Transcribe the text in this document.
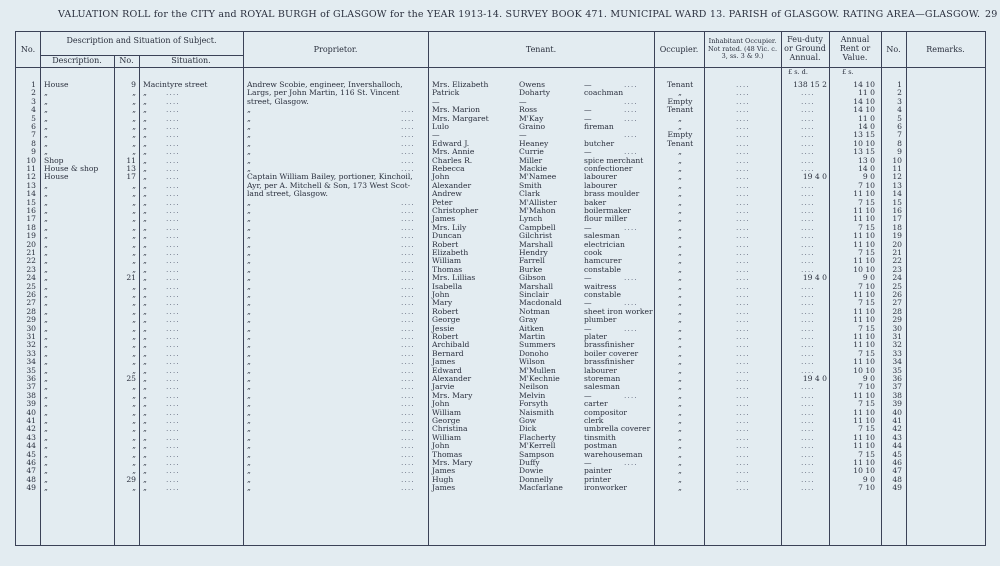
VALUATION ROLL for the CITY and ROYAL BURGH of GLASGOW for the YEAR 1913-14. SURVEY BOOK 471. MUNICIPAL WARD 13. PARISH of GLASGOW. RATING AREA—GLASGOW. 29
No.
Description and Situation of Subject.
Description.	No.	Situation.
Proprietor.	Tenant.	Occupier.
Inhabitant Occupier. Not rated. (48 Vic. c. 3, ss. 3 & 9.)
Feu-duty or Ground Annual.
Annual Rent or Value.
No.	Remarks.
£ s. d.	£ s.
1 House	9 Macintyre street	Andrew Scobie, engineer, Invershalloch,	Mrs. Elizabeth	Owens	—	Tenant	138 15 2	14 10	1
....	....
2 „	„ „	Largs, per John Martin, 116 St. Vincent	Patrick	Doharty	coachman	„	11 0	2
....	....	....
3 „	„ „	street, Glasgow.	—	—	Empty	14 10	3
....	....	....	....
4 „	„ „	„	Mrs. Marion	Ross	—	Tenant	14 10	4
....	....	....	....	....
5 „	„ „	„	Mrs. Margaret	M'Kay	—	„	11 0	5
....	....	....	....	....
6 „	„ „	„	Lulo	Graino	fireman	„	14 0	6
....	....	....	....
7 „	„ „	„	—	—	Empty	13 15	7
....	....	....	....	....
8 „	„ „	„	Edward J.	Heaney	butcher	Tenant	10 10	8
....	....	....	....
9 „	„ „	„	Mrs. Annie	Currie	—	„	13 15	9
....	....	....	....	....
10 Shop	11 „	„	Charles R.	Miller	spice merchant	„	13 0	10
....	....	....	....
11 House & shop	13 „	„	Rebecca	Mackie	confectioner	„	14 0	11
....	....	....	....
12 House	17 „	Captain William Bailey, portioner, Kinchoil,	John	M'Namee	labourer	„	19 4 0	9 0	12
....	....
13 „	„ „	Ayr, per A. Mitchell & Son, 173 West Scot-	Alexander	Smith	labourer	„	7 10	13
....	....	....
14 „	„ „	land street, Glasgow.	Andrew	Clark	brass moulder	„	11 10	14
....	....	....
15 „	„ „	„	Peter	M'Allister	baker	„	7 15	15
....	....	....	....
16 „	„ „	„	Christopher	M'Mahon	boilermaker	„	11 10	16
....	....	....	....
17 „	„ „	„	James	Lynch	flour miller	„	11 10	17
....	....	....	....
18 „	„ „	„	Mrs. Lily	Campbell	—	„	7 15	18
....	....	....	....	....
19 „	„ „	„	Duncan	Gilchrist	salesman	„	11 10	19
....	....	....	....
20 „	„ „	„	Robert	Marshall	electrician	„	11 10	20
....	....	....	....
21 „	„ „	„	Elizabeth	Hendry	cook	„	7 15	21
....	....	....	....
22 „	„ „	„	William	Farrell	hamcurer	„	11 10	22
....	....	....	....
23 „	„ „	„	Thomas	Burke	constable	„	10 10	23
....	....	....	....
24 „	21 „	„	Mrs. Lillias	Gibson	—	„	19 4 0	9 0	24
....	....	....	....
25 „	„ „	„	Isabella	Marshall	waitress	„	7 10	25
....	....	....	....
26 „	„ „	„	John	Sinclair	constable	„	11 10	26
....	....	....	....
27 „	„ „	„	Mary	Macdonald	—	„	7 15	27
....	....	....	....	....
28 „	„ „	„	Robert	Notman	sheet iron worker	„	11 10	28
....	....	....	....
29 „	„ „	„	George	Gray	plumber	„	11 10	29
....	....	....	....
30 „	„ „	„	Jessie	Aitken	—	„	7 15	30
....	....	....	....	....
31 „	„ „	„	Robert	Martin	plater	„	11 10	31
....	....	....	....
32 „	„ „	„	Archibald	Summers	brassfinisher	„	11 10	32
....	....	....	....
33 „	„ „	„	Bernard	Donoho	boiler coverer	„	7 15	33
....	....	....	....
34 „	„ „	„	James	Wilson	brassfinisher	„	11 10	34
....	....	....	....
35 „	„ „	„	Edward	M'Mullen	labourer	„	10 10	35
....	....	....	....
36 „	25 „	„	Alexander	M'Kechnie	storeman	„	19 4 0	9 0	36
....	....	....
37 „	„ „	„	Jarvie	Neilson	salesman	„	7 10	37
....	....	....	....
38 „	„ „	„	Mrs. Mary	Melvin	—	„	11 10	38
....	....	....	....	....
39 „	„ „	„	John	Forsyth	carter	„	7 15	39
....	....	....	....
40 „	„ „	„	William	Naismith	compositor	„	11 10	40
....	....	....	....
41 „	„ „	„	George	Gow	clerk	„	11 10	41
....	....	....	....
42 „	„ „	„	Christina	Dick	umbrella coverer	„	7 15	42
....	....	....	....
43 „	„ „	„	William	Flacherty	tinsmith	„	11 10	43
....	....	....	....
44 „	„ „	„	John	M'Kerrell	postman	„	11 10	44
....	....	....	....
45 „	„ „	„	Thomas	Sampson	warehouseman	„	7 15	45
....	....	....	....
46 „	„ „	„	Mrs. Mary	Duffy	—	„	11 10	46
....	....	....	....	....
47 „	„ „	„	James	Dowie	painter	„	10 10	47
....	....	....	....
48 „	29 „	„	Hugh	Donnelly	printer	„	9 0	48
....	....	....	....
49 „	„ „	„	James	Macfarlane	ironworker	„	7 10	49
....	....	....	....
